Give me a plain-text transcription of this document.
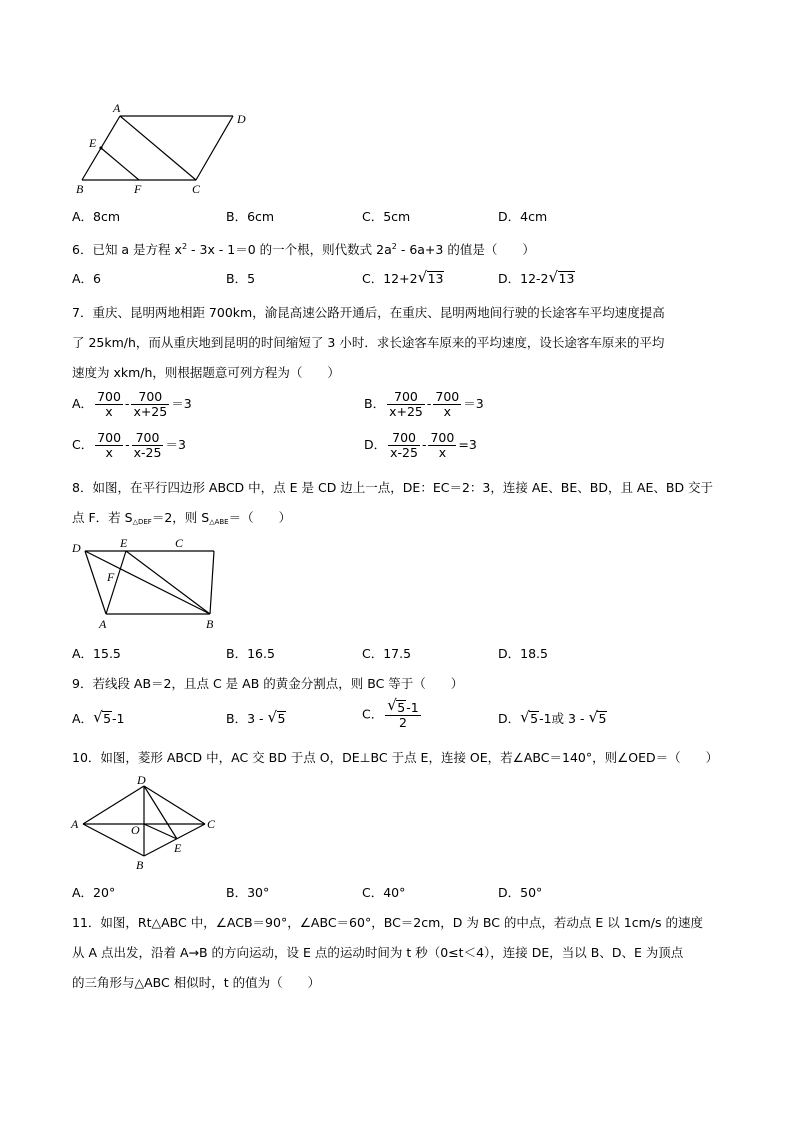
A
D
E
B	F	C
A．8cm	B．6cm	C．5cm	D．4cm
6．已知 a 是方程 $x^2 - 3x - 1=0$ 的一个根，则代数式 $2a^2 - 6a+3$ 的值是（　　）
A．6	B．5	C．12+2 √ 13	D．12-2 √ 13
7．重庆、昆明两地相距 700km，渝昆高速公路开通后，在重庆、昆明两地间行驶的长途客车平均速度提高
了 25km/h，而从重庆地到昆明的时间缩短了 3 小时．求长途客车原来的平均速度，设长途客车原来的平均
速度为 xkm/h，则根据题意可列方程为（　　）
A． $\frac{700}{x} - \frac{700}{x+25} =3$	B． $\frac{700}{x+25} - \frac{700}{x} =3$
C． $\frac{700}{x} - \frac{700}{x-25} =3$	D． $\frac{700}{x-25} - \frac{700}{x} =3$
8．如图，在平行四边形 ABCD 中，点 E 是 CD 边上一点，DE：EC＝2：3，连接 AE、BE、BD，且 AE、BD 交于
点 F．若 $S_{\triangle DEF}=2$，则 $S_{\triangle ABE}=$（　　）
D	E	C
F
A	B
A．15.5	B．16.5	C．17.5	D．18.5
9．若线段 AB＝2，且点 C 是 AB 的黄金分割点，则 BC 等于（　　）
A． √ 5-1	B．3 - √ 5	C． $\frac{√ 5-1}{2}$	D． √ 5-1或 3 - √ 5
10．如图，菱形 ABCD 中，AC 交 BD 于点 O，DE⊥BC 于点 E，连接 OE，若∠ABC＝140°，则∠OED＝（　　）
D
A	O	C
E
B
A．20°	B．30°	C．40°	D．50°
11．如图，Rt△ABC 中，∠ACB＝90°，∠ABC＝60°，BC＝2cm，D 为 BC 的中点，若动点 E 以 1cm/s 的速度
从 A 点出发，沿着 A→B 的方向运动，设 E 点的运动时间为 t 秒（0≤t＜4），连接 DE，当以 B、D、E 为顶点
的三角形与△ABC 相似时，t 的值为（　　）
